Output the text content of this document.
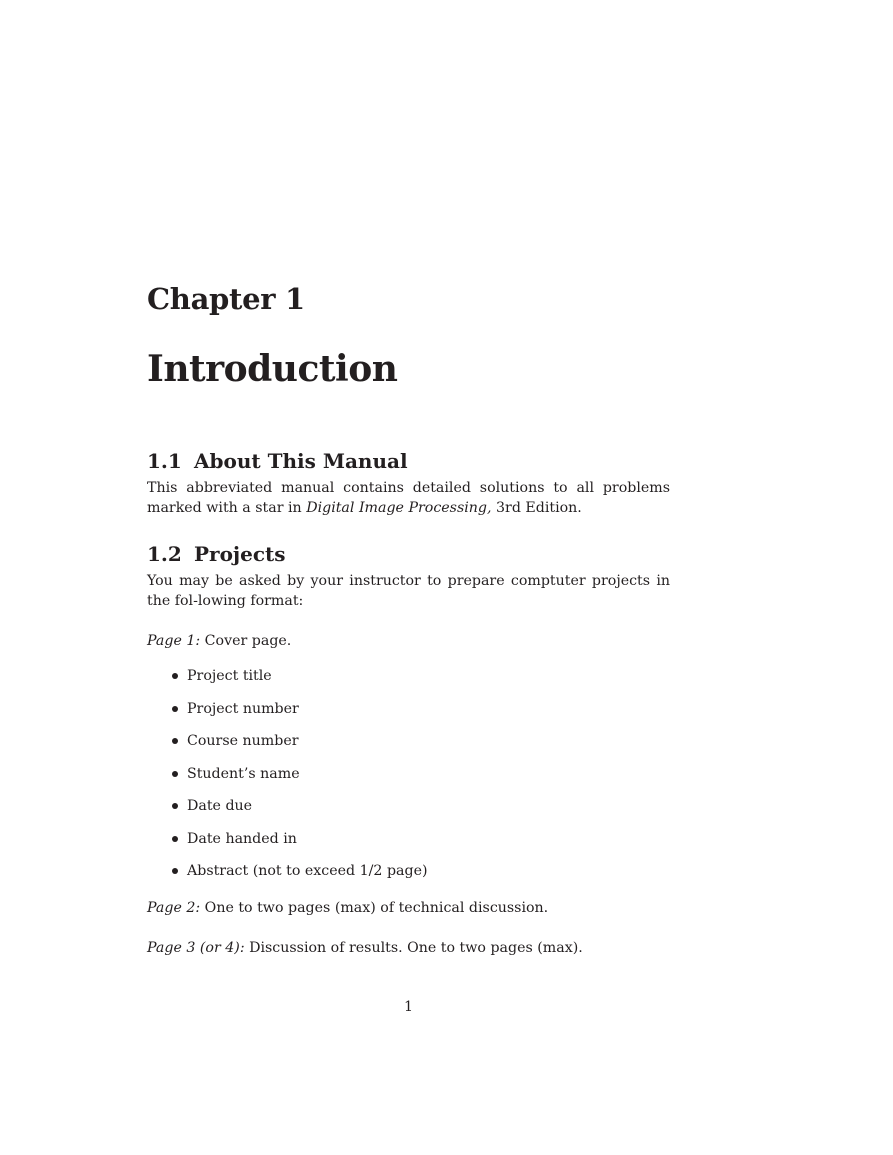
Chapter 1
Introduction
1.1 About This Manual
This abbreviated manual contains detailed solutions to all problems marked with a star in Digital Image Processing, 3rd Edition.
1.2 Projects
You may be asked by your instructor to prepare comptuter projects in the fol-lowing format:
Page 1: Cover page.
Project title
Project number
Course number
Student’s name
Date due
Date handed in
Abstract (not to exceed 1/2 page)
Page 2: One to two pages (max) of technical discussion.
Page 3 (or 4): Discussion of results. One to two pages (max).
1
